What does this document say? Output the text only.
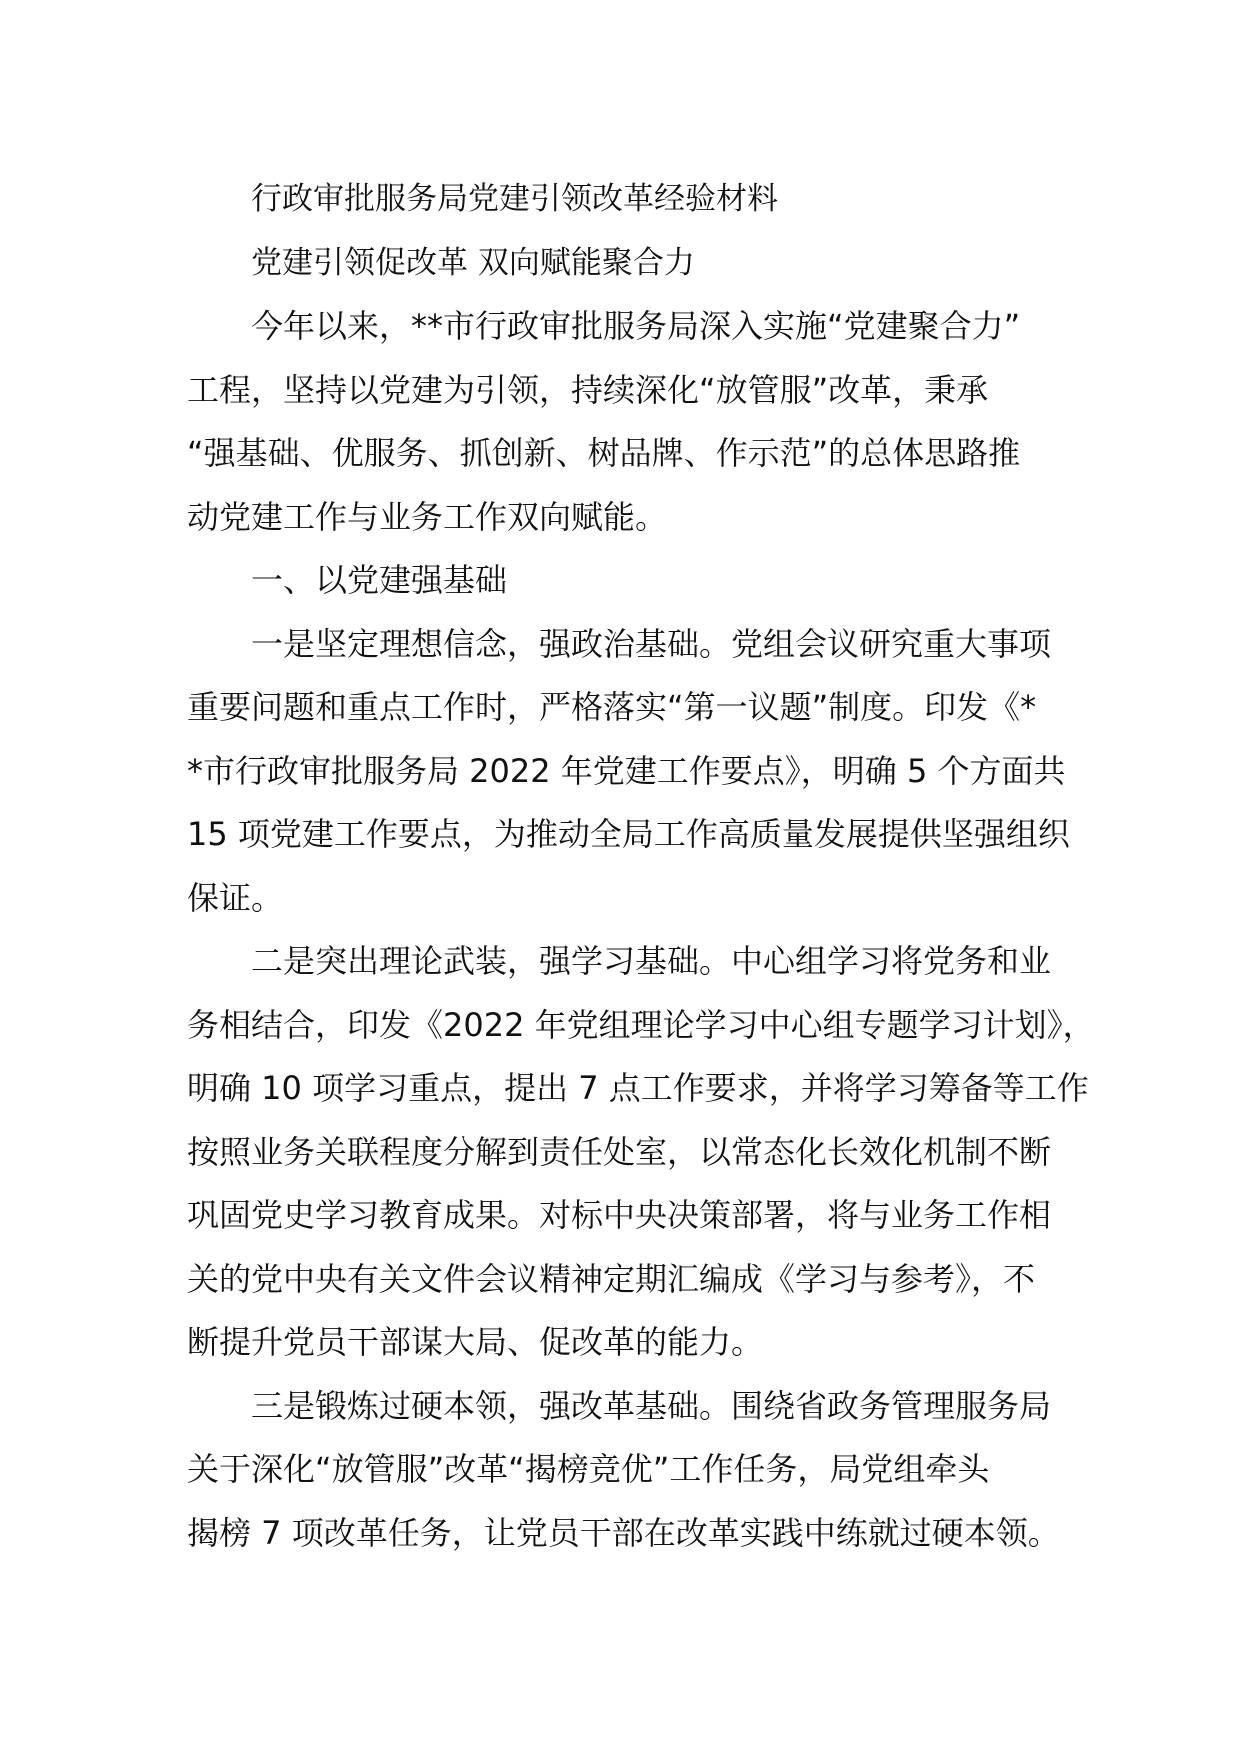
行政审批服务局党建引领改革经验材料
党建引领促改革 双向赋能聚合力
今年以来，**市行政审批服务局深入实施“党建聚合力”
工程，坚持以党建为引领，持续深化“放管服”改革，秉承
“强基础、优服务、抓创新、树品牌、作示范”的总体思路推
动党建工作与业务工作双向赋能。
一、以党建强基础
一是坚定理想信念，强政治基础。党组会议研究重大事项
重要问题和重点工作时，严格落实“第一议题”制度。印发《*
*市行政审批服务局 2022 年党建工作要点》，明确 5 个方面共
15 项党建工作要点，为推动全局工作高质量发展提供坚强组织
保证。
二是突出理论武装，强学习基础。中心组学习将党务和业
务相结合，印发《2022 年党组理论学习中心组专题学习计划》，
明确 10 项学习重点，提出 7 点工作要求，并将学习筹备等工作
按照业务关联程度分解到责任处室，以常态化长效化机制不断
巩固党史学习教育成果。对标中央决策部署，将与业务工作相
关的党中央有关文件会议精神定期汇编成《学习与参考》，不
断提升党员干部谋大局、促改革的能力。
三是锻炼过硬本领，强改革基础。围绕省政务管理服务局
关于深化“放管服”改革“揭榜竞优”工作任务，局党组牵头
揭榜 7 项改革任务，让党员干部在改革实践中练就过硬本领。
